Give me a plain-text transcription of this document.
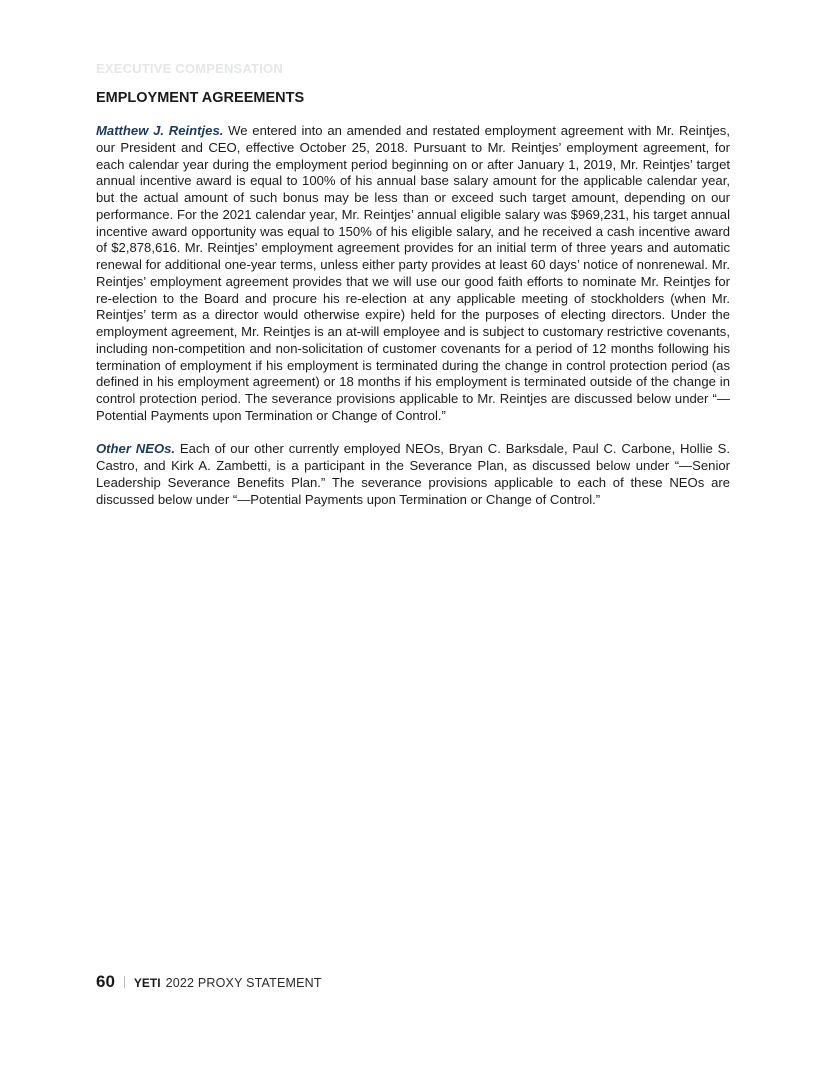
EXECUTIVE COMPENSATION
EMPLOYMENT AGREEMENTS

Matthew J. Reintjes. We entered into an amended and restated employment agreement with Mr. Reintjes, our President and CEO, effective October 25, 2018. Pursuant to Mr. Reintjes’ employment agreement, for each calendar year during the employment period beginning on or after January 1, 2019, Mr. Reintjes’ target annual incentive award is equal to 100% of his annual base salary amount for the applicable calendar year, but the actual amount of such bonus may be less than or exceed such target amount, depending on our performance. For the 2021 calendar year, Mr. Reintjes’ annual eligible salary was $969,231, his target annual incentive award opportunity was equal to 150% of his eligible salary, and he received a cash incentive award of $2,878,616. Mr. Reintjes’ employment agreement provides for an initial term of three years and automatic renewal for additional one-year terms, unless either party provides at least 60 days’ notice of nonrenewal. Mr. Reintjes’ employment agreement provides that we will use our good faith efforts to nominate Mr. Reintjes for re-election to the Board and procure his re-election at any applicable meeting of stockholders (when Mr. Reintjes’ term as a director would otherwise expire) held for the purposes of electing directors. Under the employment agreement, Mr. Reintjes is an at-will employee and is subject to customary restrictive covenants, including non-competition and non-solicitation of customer covenants for a period of 12 months following his termination of employment if his employment is terminated during the change in control protection period (as defined in his employment agreement) or 18 months if his employment is terminated outside of the change in control protection period. The severance provisions applicable to Mr. Reintjes are discussed below under “—Potential Payments upon Termination or Change of Control.”

Other NEOs. Each of our other currently employed NEOs, Bryan C. Barksdale, Paul C. Carbone, Hollie S. Castro, and Kirk A. Zambetti, is a participant in the Severance Plan, as discussed below under “—Senior Leadership Severance Benefits Plan.” The severance provisions applicable to each of these NEOs are discussed below under “—Potential Payments upon Termination or Change of Control.”

60 YETI 2022 PROXY STATEMENT
